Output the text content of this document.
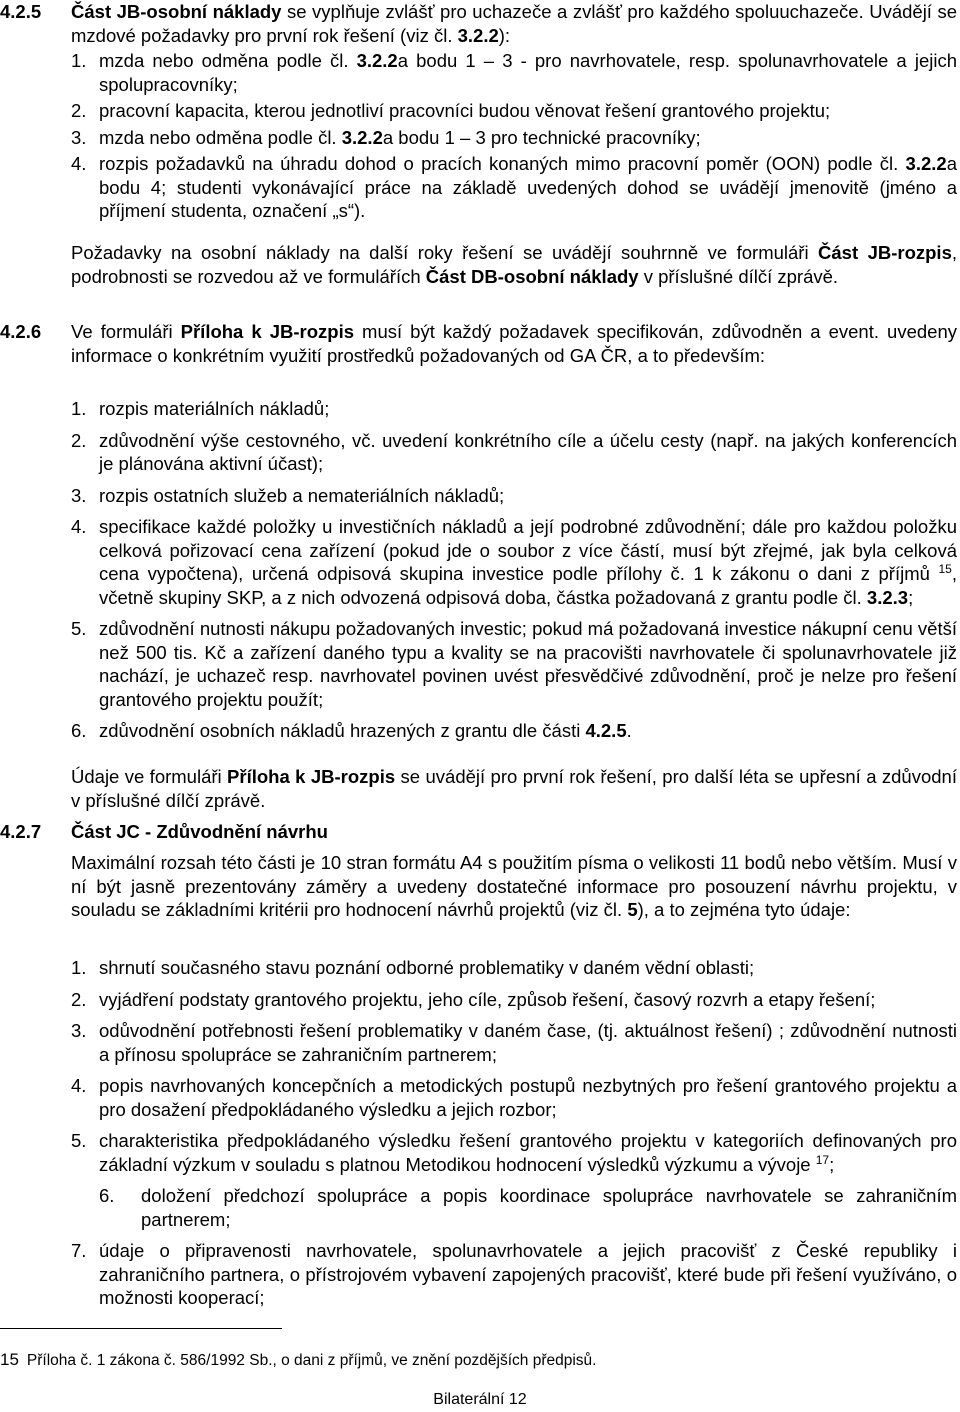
4.2.5	Část JB-osobní náklady se vyplňuje zvlášť pro uchazeče a zvlášť pro každého spoluuchazeče. Uvádějí se mzdové požadavky pro první rok řešení (viz čl. 3.2.2):
1. mzda nebo odměna podle čl. 3.2.2a bodu 1 – 3 - pro navrhovatele, resp. spolunavrhovatele a jejich spolupracovníky;
2. pracovní kapacita, kterou jednotliví pracovníci budou věnovat řešení grantového projektu;
3. mzda nebo odměna podle čl. 3.2.2a bodu 1 – 3 pro technické pracovníky;
4. rozpis požadavků na úhradu dohod o pracích konaných mimo pracovní poměr (OON) podle čl. 3.2.2a bodu 4; studenti vykonávající práce na základě uvedených dohod se uvádějí jmenovitě (jméno a příjmení studenta, označení „s“).
Požadavky na osobní náklady na další roky řešení se uvádějí souhrnně ve formuláři Část JB-rozpis, podrobnosti se rozvedou až ve formulářích Část DB-osobní náklady v příslušné dílčí zprávě.
4.2.6	Ve formuláři Příloha k JB-rozpis musí být každý požadavek specifikován, zdůvodněn a event. uvedeny informace o konkrétním využití prostředků požadovaných od GA ČR, a to především:
1. rozpis materiálních nákladů;
2. zdůvodnění výše cestovného, vč. uvedení konkrétního cíle a účelu cesty (např. na jakých konferencích je plánována aktivní účast);
3. rozpis ostatních služeb a nemateriálních nákladů;
4. specifikace každé položky u investičních nákladů a její podrobné zdůvodnění; dále pro každou položku celková pořizovací cena zařízení (pokud jde o soubor z více částí, musí být zřejmé, jak byla celková cena vypočtena), určená odpisová skupina investice podle přílohy č. 1 k zákonu o dani z příjmů $^{15}$, včetně skupiny SKP, a z nich odvozená odpisová doba, částka požadovaná z grantu podle čl. 3.2.3;
5. zdůvodnění nutnosti nákupu požadovaných investic; pokud má požadovaná investice nákupní cenu větší než 500 tis. Kč a zařízení daného typu a kvality se na pracovišti navrhovatele či spolunavrhovatele již nachází, je uchazeč resp. navrhovatel povinen uvést přesvědčivé zdůvodnění, proč je nelze pro řešení grantového projektu použít;
6. zdůvodnění osobních nákladů hrazených z grantu dle části 4.2.5.
Údaje ve formuláři Příloha k JB-rozpis se uvádějí pro první rok řešení, pro další léta se upřesní a zdůvodní v příslušné dílčí zprávě.
4.2.7	Část JC - Zdůvodnění návrhu
Maximální rozsah této části je 10 stran formátu A4 s použitím písma o velikosti 11 bodů nebo větším. Musí v ní být jasně prezentovány záměry a uvedeny dostatečné informace pro posouzení návrhu projektu, v souladu se základními kritérii pro hodnocení návrhů projektů (viz čl. 5), a to zejména tyto údaje:
1. shrnutí současného stavu poznání odborné problematiky v daném vědní oblasti;
2. vyjádření podstaty grantového projektu, jeho cíle, způsob řešení, časový rozvrh a etapy řešení;
3. odůvodnění potřebnosti řešení problematiky v daném čase, (tj. aktuálnost řešení) ; zdůvodnění nutnosti a přínosu spolupráce se zahraničním partnerem;
4. popis navrhovaných koncepčních a metodických postupů nezbytných pro řešení grantového projektu a pro dosažení předpokládaného výsledku a jejich rozbor;
5. charakteristika předpokládaného výsledku řešení grantového projektu v kategoriích definovaných pro základní výzkum v souladu s platnou Metodikou hodnocení výsledků výzkumu a vývoje $^{17}$;
6.	doložení předchozí spolupráce a popis koordinace spolupráce navrhovatele se zahraničním partnerem;
7. údaje o připravenosti navrhovatele, spolunavrhovatele a jejich pracovišť z České republiky i zahraničního partnera, o přístrojovém vybavení zapojených pracovišť, které bude při řešení využíváno, o možnosti kooperací;
15 Příloha č. 1 zákona č. 586/1992 Sb., o dani z příjmů, ve znění pozdějších předpisů.
Bilaterální 12
